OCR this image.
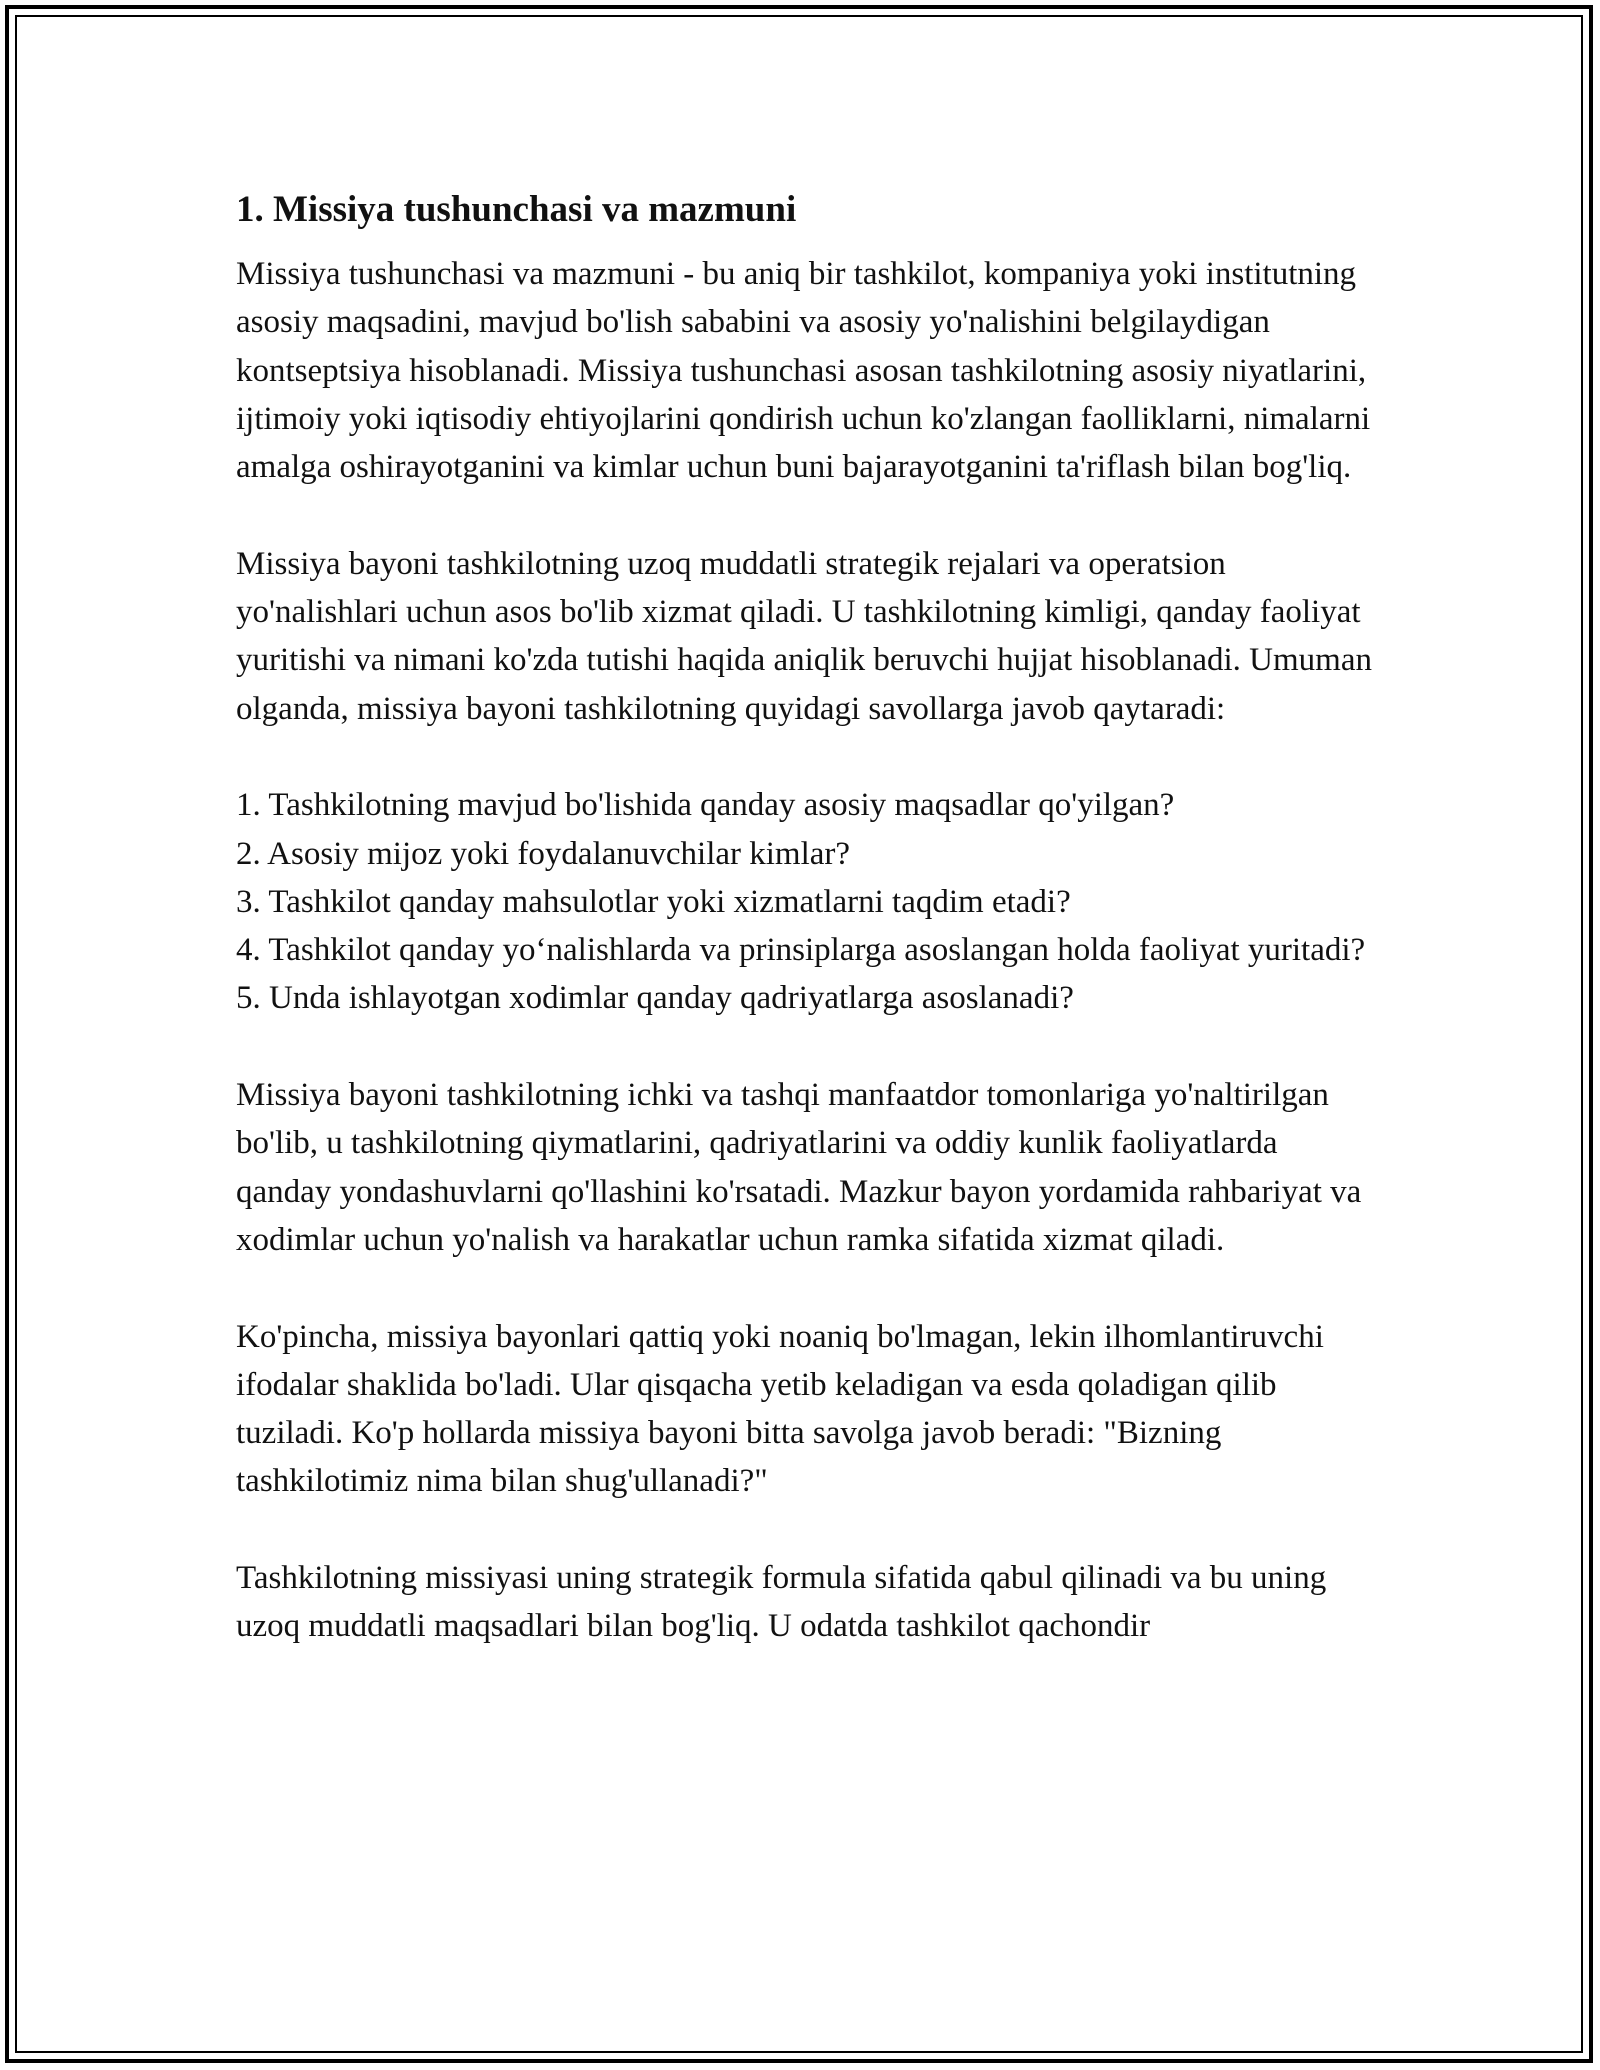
1. Missiya tushunchasi va mazmuni

Missiya tushunchasi va mazmuni - bu aniq bir tashkilot, kompaniya yoki institutning asosiy maqsadini, mavjud bo'lish sababini va asosiy yo'nalishini belgilaydigan kontseptsiya hisoblanadi. Missiya tushunchasi asosan tashkilotning asosiy niyatlarini, ijtimoiy yoki iqtisodiy ehtiyojlarini qondirish uchun ko'zlangan faolliklarni, nimalarni amalga oshirayotganini va kimlar uchun buni bajarayotganini ta'riflash bilan bog'liq.

Missiya bayoni tashkilotning uzoq muddatli strategik rejalari va operatsion yo'nalishlari uchun asos bo'lib xizmat qiladi. U tashkilotning kimligi, qanday faoliyat yuritishi va nimani ko'zda tutishi haqida aniqlik beruvchi hujjat hisoblanadi. Umuman olganda, missiya bayoni tashkilotning quyidagi savollarga javob qaytaradi:

1. Tashkilotning mavjud bo'lishida qanday asosiy maqsadlar qo'yilgan?
2. Asosiy mijoz yoki foydalanuvchilar kimlar?
3. Tashkilot qanday mahsulotlar yoki xizmatlarni taqdim etadi?
4. Tashkilot qanday yo‘nalishlarda va prinsiplarga asoslangan holda faoliyat yuritadi?
5. Unda ishlayotgan xodimlar qanday qadriyatlarga asoslanadi?

Missiya bayoni tashkilotning ichki va tashqi manfaatdor tomonlariga yo'naltirilgan bo'lib, u tashkilotning qiymatlarini, qadriyatlarini va oddiy kunlik faoliyatlarda qanday yondashuvlarni qo'llashini ko'rsatadi. Mazkur bayon yordamida rahbariyat va xodimlar uchun yo'nalish va harakatlar uchun ramka sifatida xizmat qiladi.

Ko'pincha, missiya bayonlari qattiq yoki noaniq bo'lmagan, lekin ilhomlantiruvchi ifodalar shaklida bo'ladi. Ular qisqacha yetib keladigan va esda qoladigan qilib tuziladi. Ko'p hollarda missiya bayoni bitta savolga javob beradi: "Bizning tashkilotimiz nima bilan shug'ullanadi?"

Tashkilotning missiyasi uning strategik formula sifatida qabul qilinadi va bu uning uzoq muddatli maqsadlari bilan bog'liq. U odatda tashkilot qachondir
